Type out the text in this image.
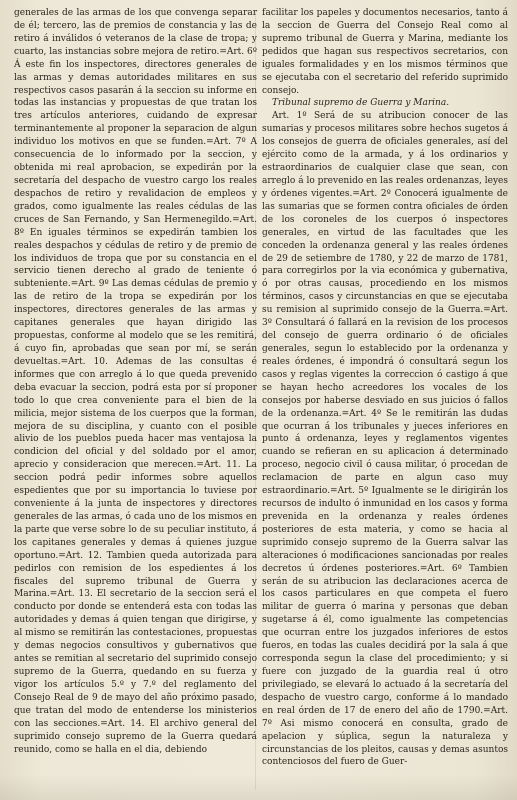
generales de las armas de los que convenga separar de él; tercero, las de premios de constancia y las de retiro á inválidos ó veteranos de la clase de tropa; y cuarto, las instancias sobre mejora de retiro.=Art. 6º Á este fin los inspectores, directores generales de las armas y demas autoridades militares en sus respectivos casos pasarán á la seccion su informe en todas las instancias y propuestas de que tratan los tres artículos anteriores, cuidando de expresar terminantemente al proponer la separacion de algun individuo los motivos en que se funden.=Art. 7º A consecuencia de lo informado por la seccion, y obtenida mi real aprobacion, se expedirán por la secretaría del despacho de vuestro cargo los reales despachos de retiro y revalidacion de empleos y grados, como igualmente las reales cédulas de las cruces de San Fernando, y San Hermenegildo.=Art. 8º En iguales términos se expedirán tambien los reales despachos y cédulas de retiro y de premio de los individuos de tropa que por su constancia en el servicio tienen derecho al grado de teniente ó subteniente.=Art. 9º Las demas cédulas de premio y las de retiro de la tropa se expedirán por los inspectores, directores generales de las armas y capitanes generales que hayan dirigido las propuestas, conforme al modelo que se les remitirá, á cuyo fin, aprobadas que sean por mí, se serán devueltas.=Art. 10. Ademas de las consultas é informes que con arreglo á lo que queda prevenido deba evacuar la seccion, podrá esta por sí proponer todo lo que crea conveniente para el bien de la milicia, mejor sistema de los cuerpos que la forman, mejora de su disciplina, y cuanto con el posible alivio de los pueblos pueda hacer mas ventajosa la condicion del oficial y del soldado por el amor, aprecio y consideracion que merecen.=Art. 11. La seccion podrá pedir informes sobre aquellos espedientes que por su importancia lo tuviese por conveniente á la junta de inspectores y directores generales de las armas, ó cada uno de los mismos en la parte que verse sobre lo de su peculiar instituto, á los capitanes generales y demas á quienes juzgue oportuno.=Art. 12. Tambien queda autorizada para pedirlos con remision de los espedientes á los fiscales del supremo tribunal de Guerra y Marina.=Art. 13. El secretario de la seccion será el conducto por donde se entenderá esta con todas las autoridades y demas á quien tengan que dirigirse, y al mismo se remitirán las contestaciones, propuestas y demas negocios consultivos y gubernativos que antes se remitian al secretario del suprimido consejo supremo de la Guerra, quedando en su fuerza y vigor los artículos 5.º y 7.º del reglamento del Consejo Real de 9 de mayo del año próximo pasado, que tratan del modo de entenderse los ministerios con las secciones.=Art. 14. El archivo general del suprimido consejo supremo de la Guerra quedará reunido, como se halla en el dia, debiendo

facilitar los papeles y documentos necesarios, tanto á la seccion de Guerra del Consejo Real como al supremo tribunal de Guerra y Marina, mediante los pedidos que hagan sus respectivos secretarios, con iguales formalidades y en los mismos términos que se ejecutaba con el secretario del referido suprimido consejo.

Tribunal supremo de Guerra y Marina.

Art. 1º Será de su atribucion conocer de las sumarias y procesos militares sobre hechos sugetos á los consejos de guerra de oficiales generales, así del ejército como de la armada, y á los ordinarios y estraordinarios de cualquier clase que sean, con arreglo á lo prevenido en las reales ordenanzas, leyes y órdenes vigentes.=Art. 2º Conocerá igualmente de las sumarias que se formen contra oficiales de órden de los coroneles de los cuerpos ó inspectores generales, en virtud de las facultades que les conceden la ordenanza general y las reales órdenes de 29 de setiembre de 1780, y 22 de marzo de 1781, para corregirlos por la via económica y gubernativa, ó por otras causas, procediendo en los mismos términos, casos y circunstancias en que se ejecutaba su remision al suprimido consejo de la Guerra.=Art. 3º Consultará ó fallará en la revision de los procesos del consejo de guerra ordinario ó de oficiales generales, segun lo establecido por la ordenanza y reales órdenes, é impondrá ó consultará segun los casos y reglas vigentes la correccion ó castigo á que se hayan hecho acreedores los vocales de los consejos por haberse desviado en sus juicios ó fallos de la ordenanza.=Art. 4º Se le remitirán las dudas que ocurran á los tribunales y jueces inferiores en punto á ordenanza, leyes y reglamentos vigentes cuando se refieran en su aplicacion á determinado proceso, negocio civil ó causa militar, ó procedan de reclamacion de parte en algun caso muy estraordinario.=Art. 5º Igualmente se le dirigirán los recursos de indulto ó inmunidad en los casos y forma prevenida en la ordenanza y reales órdenes posteriores de esta materia, y como se hacia al suprimido consejo supremo de la Guerra salvar las alteraciones ó modificaciones sancionadas por reales decretos ú órdenes posteriores.=Art. 6º Tambien serán de su atribucion las declaraciones acerca de los casos particulares en que competa el fuero militar de guerra ó marina y personas que deban sugetarse á él, como igualmente las competencias que ocurran entre los juzgados inferiores de estos fueros, en todas las cuales decidirá por la sala á que corresponda segun la clase del procedimiento; y si fuere con juzgado de la guardia real ú otro privilegiado, se elevará lo actuado á la secretaría del despacho de vuestro cargo, conforme á lo mandado en real órden de 17 de enero del año de 1790.=Art. 7º Asi mismo conocerá en consulta, grado de apelacion y súplica, segun la naturaleza y circunstancias de los pleitos, causas y demas asuntos contenciosos del fuero de Guer-
